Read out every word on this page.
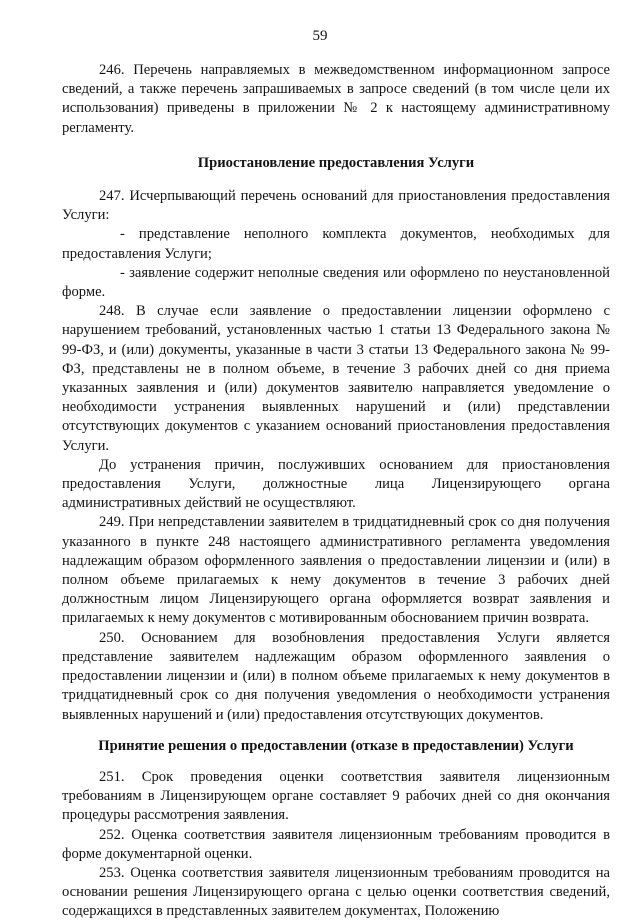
59

246. Перечень направляемых в межведомственном информационном запросе сведений, а также перечень запрашиваемых в запросе сведений (в том числе цели их использования) приведены в приложении № 2 к настоящему административному регламенту.

Приостановление предоставления Услуги

247. Исчерпывающий перечень оснований для приостановления предоставления Услуги:

- представление неполного комплекта документов, необходимых для предоставления Услуги;

- заявление содержит неполные сведения или оформлено по неустановленной форме.

248. В случае если заявление о предоставлении лицензии оформлено с нарушением требований, установленных частью 1 статьи 13 Федерального закона № 99-ФЗ, и (или) документы, указанные в части 3 статьи 13 Федерального закона № 99-ФЗ, представлены не в полном объеме, в течение 3 рабочих дней со дня приема указанных заявления и (или) документов заявителю направляется уведомление о необходимости устранения выявленных нарушений и (или) представлении отсутствующих документов с указанием оснований приостановления предоставления Услуги.

До устранения причин, послуживших основанием для приостановления предоставления Услуги, должностные лица Лицензирующего органа административных действий не осуществляют.

249. При непредставлении заявителем в тридцатидневный срок со дня получения указанного в пункте 248 настоящего административного регламента уведомления надлежащим образом оформленного заявления о предоставлении лицензии и (или) в полном объеме прилагаемых к нему документов в течение 3 рабочих дней должностным лицом Лицензирующего органа оформляется возврат заявления и прилагаемых к нему документов с мотивированным обоснованием причин возврата.

250. Основанием для возобновления предоставления Услуги является представление заявителем надлежащим образом оформленного заявления о предоставлении лицензии и (или) в полном объеме прилагаемых к нему документов в тридцатидневный срок со дня получения уведомления о необходимости устранения выявленных нарушений и (или) предоставления отсутствующих документов.

Принятие решения о предоставлении (отказе в предоставлении) Услуги

251. Срок проведения оценки соответствия заявителя лицензионным требованиям в Лицензирующем органе составляет 9 рабочих дней со дня окончания процедуры рассмотрения заявления.

252. Оценка соответствия заявителя лицензионным требованиям проводится в форме документарной оценки.

253. Оценка соответствия заявителя лицензионным требованиям проводится на основании решения Лицензирующего органа с целью оценки соответствия сведений, содержащихся в представленных заявителем документах, Положению
